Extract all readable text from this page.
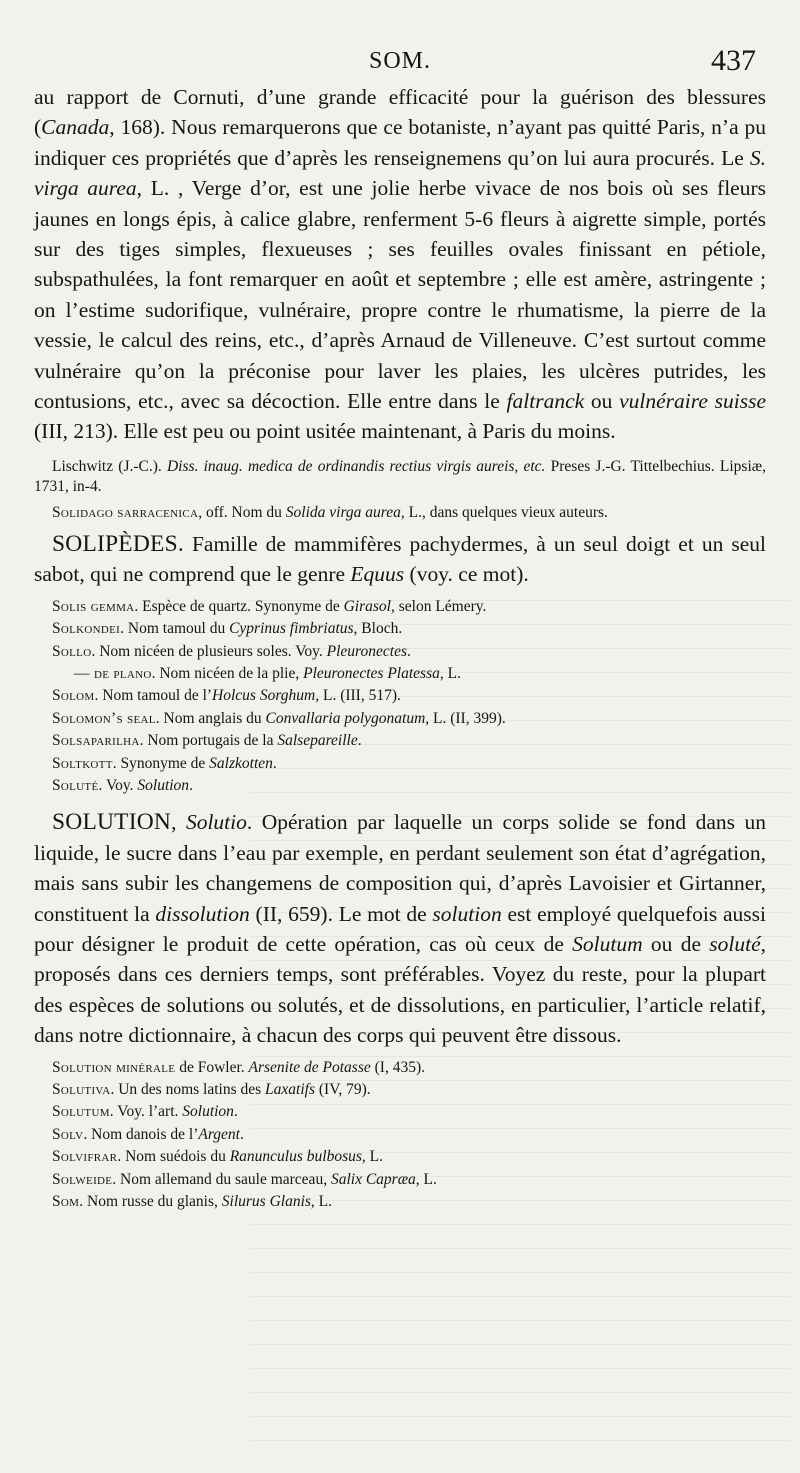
SOM.	437

au rapport de Cornuti, d’une grande efficacité pour la guérison des blessures (Canada, 168). Nous remarquerons que ce botaniste, n’ayant pas quitté Paris, n’a pu indiquer ces propriétés que d’après les renseignemens qu’on lui aura procurés. Le S. virga aurea, L. , Verge d’or, est une jolie herbe vivace de nos bois où ses fleurs jaunes en longs épis, à calice glabre, renferment 5-6 fleurs à aigrette simple, portés sur des tiges simples, flexueuses ; ses feuilles ovales finissant en pétiole, subspathulées, la font remarquer en août et septembre ; elle est amère, astringente ; on l’estime sudorifique, vulnéraire, propre contre le rhumatisme, la pierre de la vessie, le calcul des reins, etc., d’après Arnaud de Villeneuve. C’est surtout comme vulnéraire qu’on la préconise pour laver les plaies, les ulcères putrides, les contusions, etc., avec sa décoction. Elle entre dans le faltranck ou vulnéraire suisse (III, 213). Elle est peu ou point usitée maintenant, à Paris du moins.

Lischwitz (J.-C.). Diss. inaug. medica de ordinandis rectius virgis aureis, etc. Preses J.-G. Tittelbechius. Lipsiæ, 1731, in-4.

Solidago sarracenica, off. Nom du Solida virga aurea, L., dans quelques vieux auteurs.

SOLIPÈDES. Famille de mammifères pachydermes, à un seul doigt et un seul sabot, qui ne comprend que le genre Equus (voy. ce mot).

Solis gemma. Espèce de quartz. Synonyme de Girasol, selon Lémery.
Solkondei. Nom tamoul du Cyprinus fimbriatus, Bloch.
Sollo. Nom nicéen de plusieurs soles. Voy. Pleuronectes.
— de plano. Nom nicéen de la plie, Pleuronectes Platessa, L.
Solom. Nom tamoul de l’Holcus Sorghum, L. (III, 517).
Solomon’s seal. Nom anglais du Convallaria polygonatum, L. (II, 399).
Solsaparilha. Nom portugais de la Salsepareille.
Soltkott. Synonyme de Salzkotten.
Soluté. Voy. Solution.

SOLUTION, Solutio. Opération par laquelle un corps solide se fond dans un liquide, le sucre dans l’eau par exemple, en perdant seulement son état d’agrégation, mais sans subir les changemens de composition qui, d’après Lavoisier et Girtanner, constituent la dissolution (II, 659). Le mot de solution est employé quelquefois aussi pour désigner le produit de cette opération, cas où ceux de Solutum ou de soluté, proposés dans ces derniers temps, sont préférables. Voyez du reste, pour la plupart des espèces de solutions ou solutés, et de dissolutions, en particulier, l’article relatif, dans notre dictionnaire, à chacun des corps qui peuvent être dissous.

Solution minérale de Fowler. Arsenite de Potasse (I, 435).
Solutiva. Un des noms latins des Laxatifs (IV, 79).
Solutum. Voy. l’art. Solution.
Solv. Nom danois de l’Argent.
Solvifrar. Nom suédois du Ranunculus bulbosus, L.
Solweide. Nom allemand du saule marceau, Salix Capræa, L.
Som. Nom russe du glanis, Silurus Glanis, L.
